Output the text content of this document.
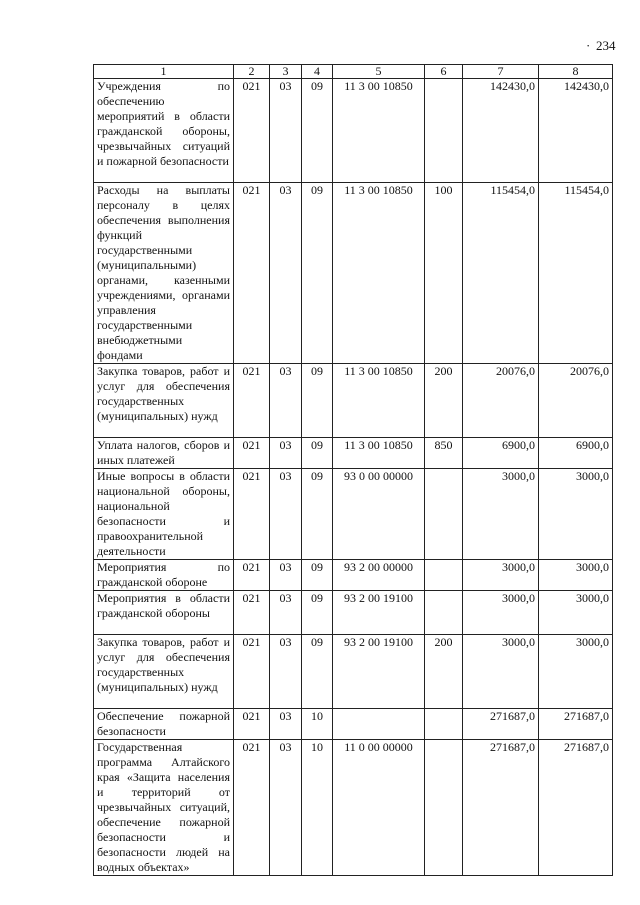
· 234
1	2	3	4	5	6	7	8
Учреждения по обеспечению мероприятий в области гражданской обороны, чрезвычайных ситуаций и пожарной безопасности	021	03	09	11 3 00 10850		142430,0	142430,0
Расходы на выплаты персоналу в целях обеспечения выполнения функций государственными (муниципальными) органами, казенными учреждениями, органами управления государственными внебюджетными фондами	021	03	09	11 3 00 10850	100	115454,0	115454,0
Закупка товаров, работ и услуг для обеспечения государственных (муниципальных) нужд	021	03	09	11 3 00 10850	200	20076,0	20076,0
Уплата налогов, сборов и иных платежей	021	03	09	11 3 00 10850	850	6900,0	6900,0
Иные вопросы в области национальной обороны, национальной безопасности и правоохранительной деятельности	021	03	09	93 0 00 00000		3000,0	3000,0
Мероприятия по гражданской обороне	021	03	09	93 2 00 00000		3000,0	3000,0
Мероприятия в области гражданской обороны	021	03	09	93 2 00 19100		3000,0	3000,0
Закупка товаров, работ и услуг для обеспечения государственных (муниципальных) нужд	021	03	09	93 2 00 19100	200	3000,0	3000,0
Обеспечение пожарной безопасности	021	03	10			271687,0	271687,0
Государственная программа Алтайского края «Защита населения и территорий от чрезвычайных ситуаций, обеспечение пожарной безопасности и безопасности людей на водных объектах»	021	03	10	11 0 00 00000		271687,0	271687,0
